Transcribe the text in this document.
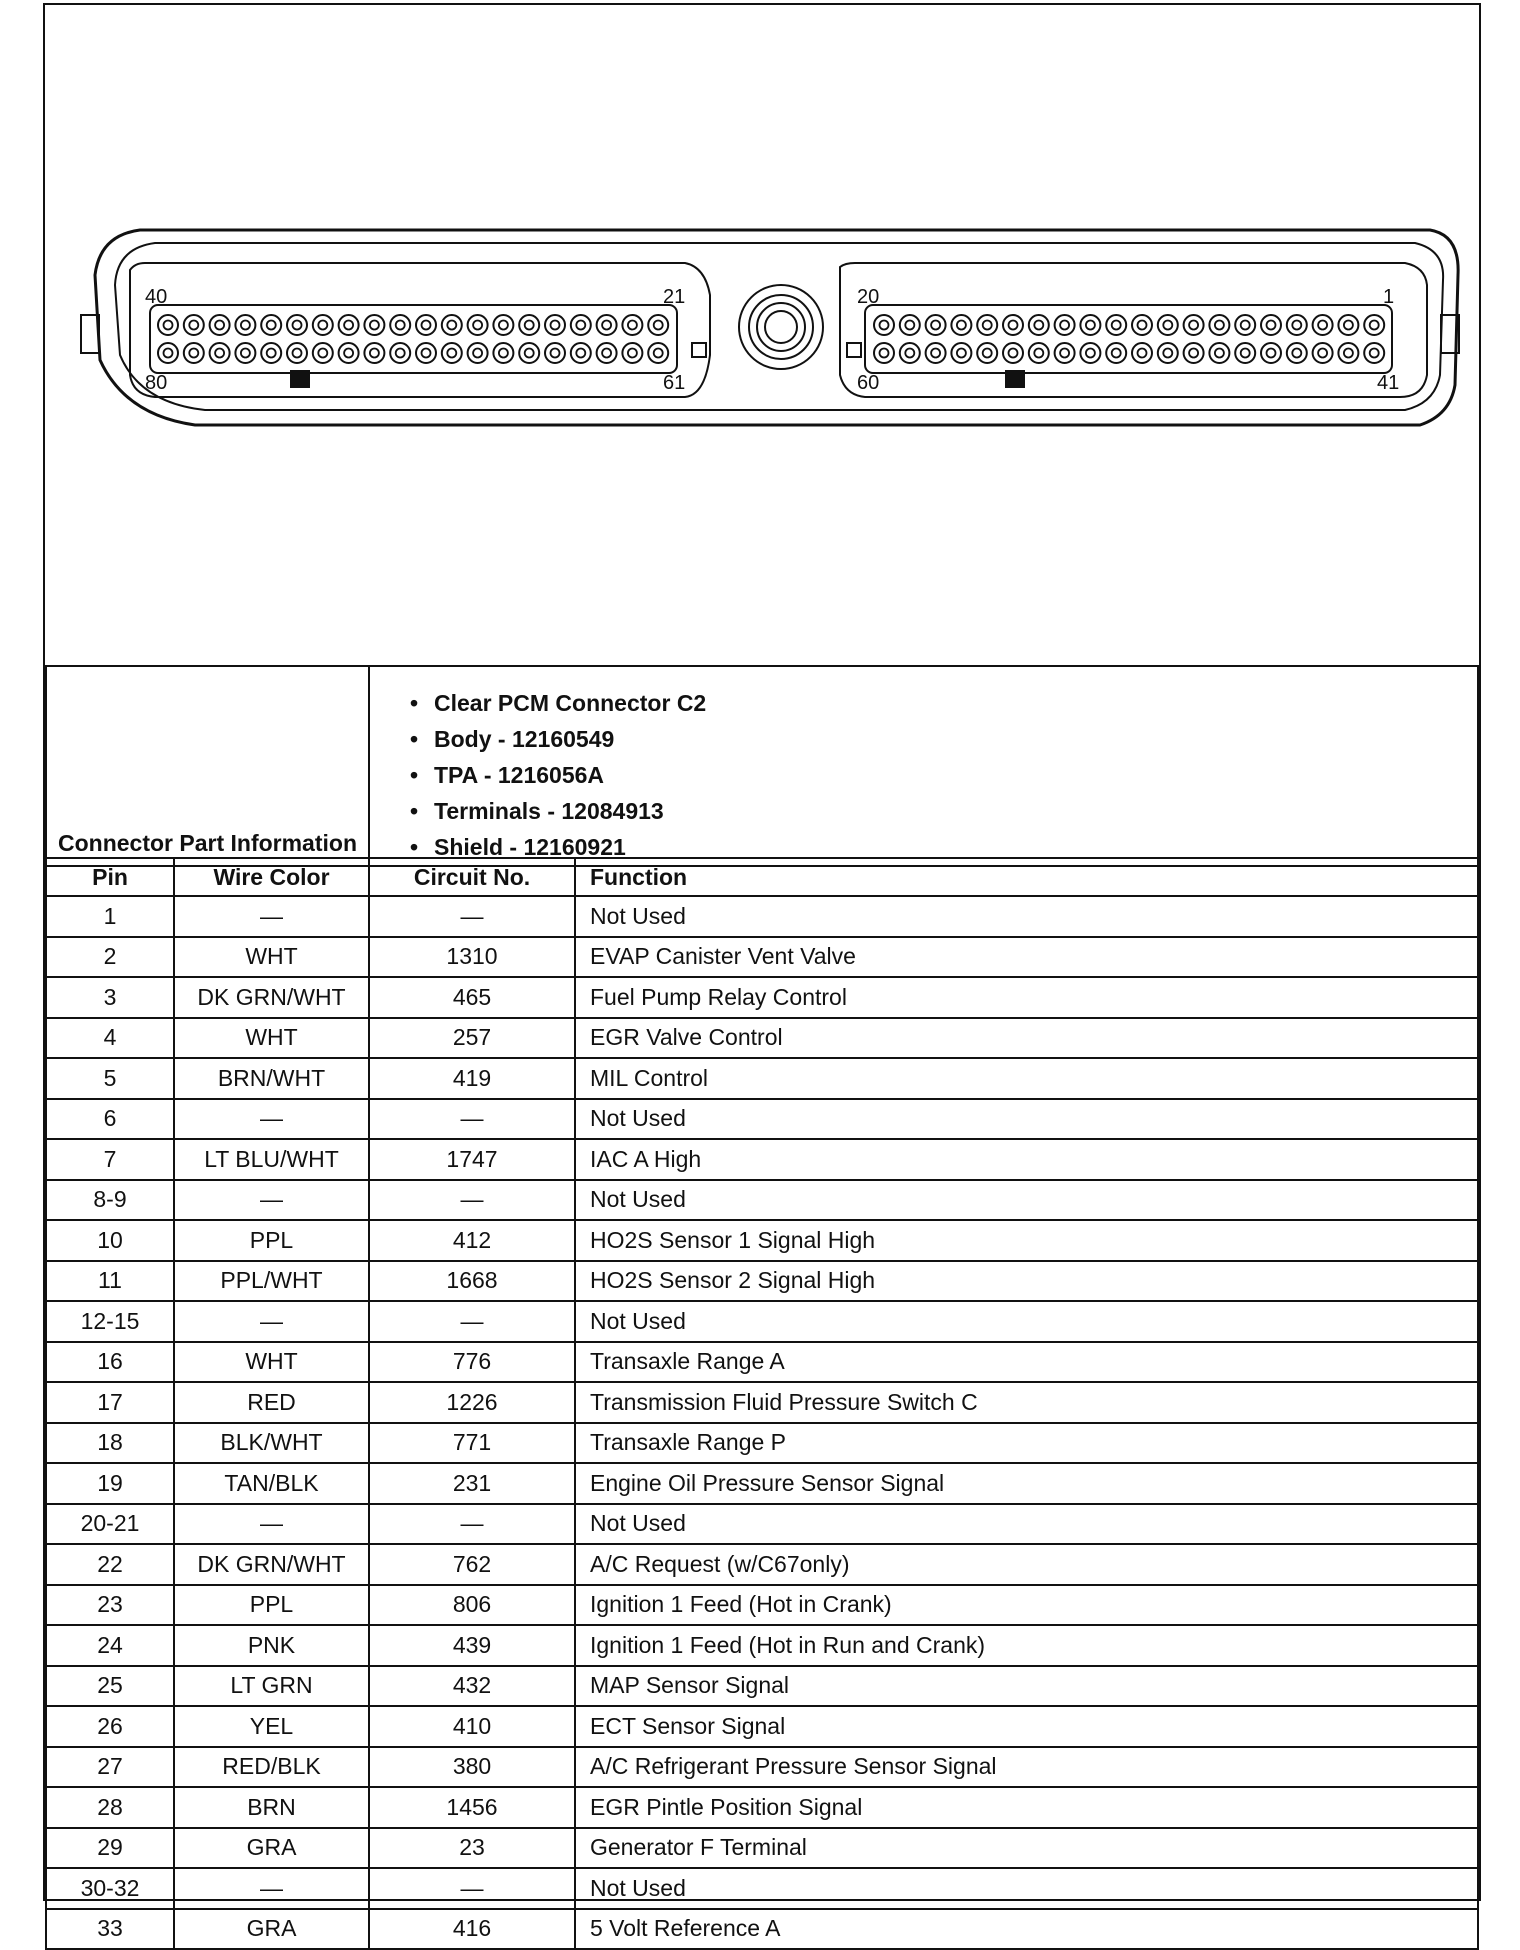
40	21
80	61
20	1
60	41
Connector Part Information	
• Clear PCM Connector C2
• Body - 12160549
• TPA - 1216056A
• Terminals - 12084913
• Shield - 12160921
Pin	Wire Color	Circuit No.	Function
1	—	—	Not Used
2	WHT	1310	EVAP Canister Vent Valve
3	DK GRN/WHT	465	Fuel Pump Relay Control
4	WHT	257	EGR Valve Control
5	BRN/WHT	419	MIL Control
6	—	—	Not Used
7	LT BLU/WHT	1747	IAC A High
8-9	—	—	Not Used
10	PPL	412	HO2S Sensor 1 Signal High
11	PPL/WHT	1668	HO2S Sensor 2 Signal High
12-15	—	—	Not Used
16	WHT	776	Transaxle Range A
17	RED	1226	Transmission Fluid Pressure Switch C
18	BLK/WHT	771	Transaxle Range P
19	TAN/BLK	231	Engine Oil Pressure Sensor Signal
20-21	—	—	Not Used
22	DK GRN/WHT	762	A/C Request (w/C67only)
23	PPL	806	Ignition 1 Feed (Hot in Crank)
24	PNK	439	Ignition 1 Feed (Hot in Run and Crank)
25	LT GRN	432	MAP Sensor Signal
26	YEL	410	ECT Sensor Signal
27	RED/BLK	380	A/C Refrigerant Pressure Sensor Signal
28	BRN	1456	EGR Pintle Position Signal
29	GRA	23	Generator F Terminal
30-32	—	—	Not Used
33	GRA	416	5 Volt Reference A
